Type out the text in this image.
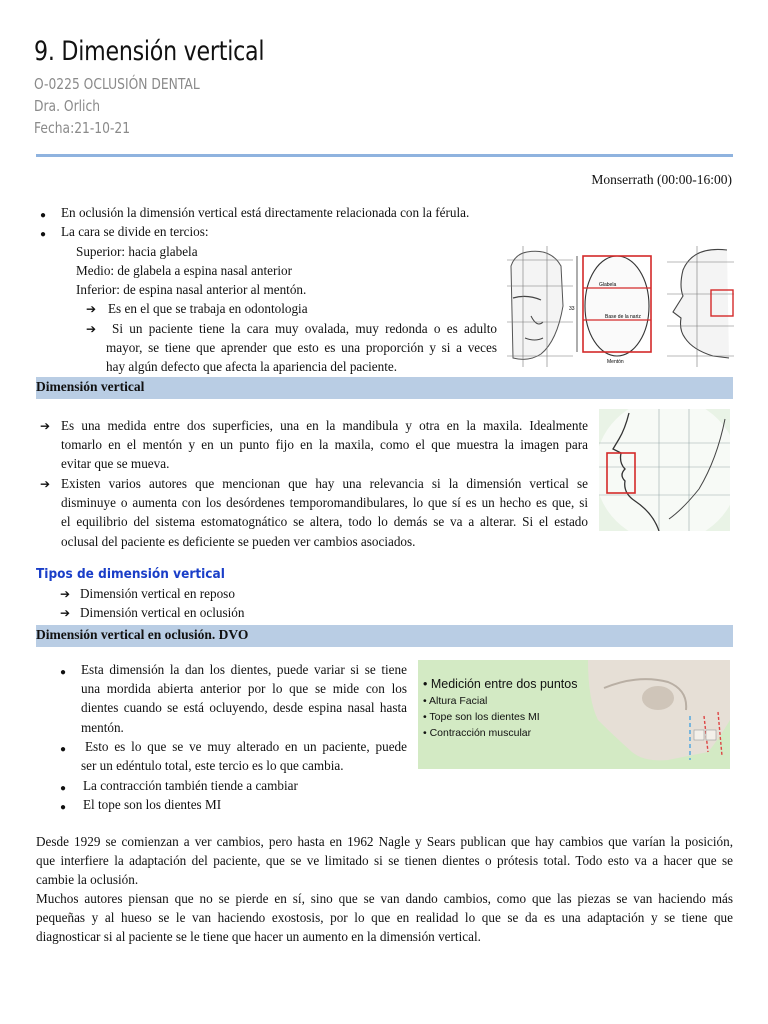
9. Dimensión vertical
O-0225 OCLUSIÓN DENTAL
Dra. Orlich
Fecha:21-10-21
Monserrath (00:00-16:00)
● En oclusión la dimensión vertical está directamente relacionada con la férula.
● La cara se divide en tercios:
Superior: hacia glabela
Medio: de glabela a espina nasal anterior
Inferior: de espina nasal anterior al mentón.
➔ Es en el que se trabaja en odontologia
➔ Si un paciente tiene la cara muy ovalada, muy redonda o es adulto
mayor, se tiene que aprender que esto es una proporción y si a veces
hay algún defecto que afecta la apariencia del paciente.
Glabela
Base de la nariz
Mentón
33
Dimensión vertical
➔ Es una medida entre dos superficies, una en la mandibula y otra en la maxila. Idealmente
tomarlo en el mentón y en un punto fijo en la maxila, como el que muestra la imagen para
evitar que se mueva.
➔ Existen varios autores que mencionan que hay una relevancia si la dimensión vertical se
disminuye o aumenta con los desórdenes temporomandibulares, lo que sí es un hecho es que, si
el equilibrio del sistema estomatognático se altera, todo lo demás se va a alterar. Si el estado
oclusal del paciente es deficiente se pueden ver cambios asociados.
Tipos de dimensión vertical
➔ Dimensión vertical en reposo
➔ Dimensión vertical en oclusión
Dimensión vertical en oclusión. DVO
● Esta dimensión la dan los dientes, puede variar si se tiene
una mordida abierta anterior por lo que se mide con los
dientes cuando se está ocluyendo, desde espina nasal hasta
mentón.
● Esto es lo que se ve muy alterado en un paciente, puede
ser un edéntulo total, este tercio es lo que cambia.
● La contracción también tiende a cambiar
● El tope son los dientes MI
• Medición entre dos puntos
• Altura Facial
• Tope son los dientes MI
• Contracción muscular
Desde 1929 se comienzan a ver cambios, pero hasta en 1962 Nagle y Sears publican que hay cambios que varían la posición,
que interfiere la adaptación del paciente, que se ve limitado si se tienen dientes o prótesis total. Todo esto va a hacer que se
cambie la oclusión.
Muchos autores piensan que no se pierde en sí, sino que se van dando cambios, como que las piezas se van haciendo más
pequeñas y al hueso se le van haciendo exostosis, por lo que en realidad lo que se da es una adaptación y se tiene que
diagnosticar si al paciente se le tiene que hacer un aumento en la dimensión vertical.
